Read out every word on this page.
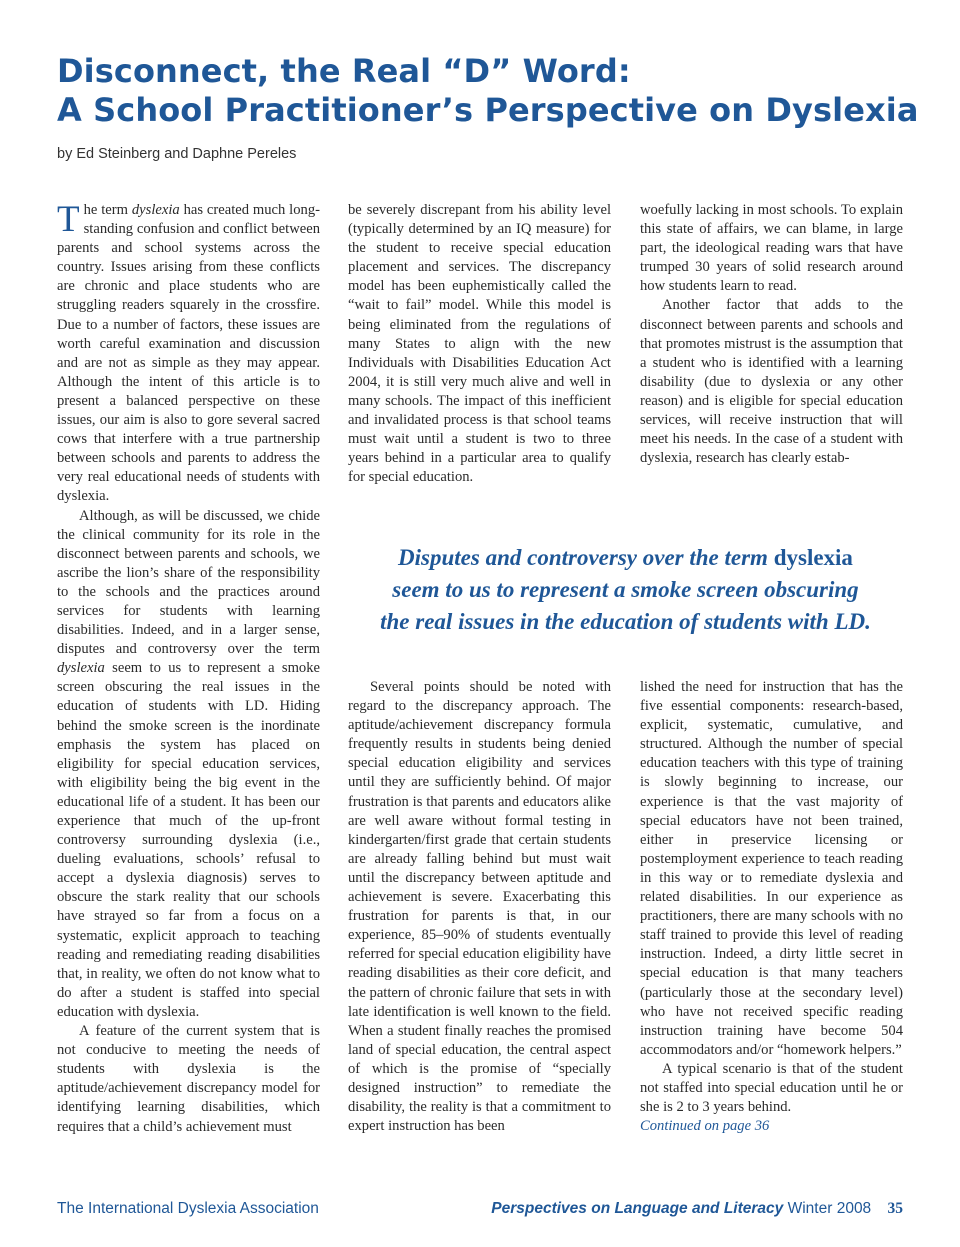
Disconnect, the Real “D” Word:
A School Practitioner’s Perspective on Dyslexia
by Ed Steinberg and Daphne Pereles

The term dyslexia has created much long-standing confusion and conflict between parents and school systems across the country. Issues arising from these conflicts are chronic and place students who are struggling readers squarely in the crossfire. Due to a number of factors, these issues are worth careful examination and discussion and are not as simple as they may appear. Although the intent of this article is to present a balanced perspective on these issues, our aim is also to gore several sacred cows that interfere with a true partnership between schools and parents to address the very real educational needs of students with dyslexia.

Although, as will be discussed, we chide the clinical community for its role in the disconnect between parents and schools, we ascribe the lion’s share of the responsibility to the schools and the practices around services for students with learning disabilities. Indeed, and in a larger sense, disputes and controversy over the term dyslexia seem to us to represent a smoke screen obscuring the real issues in the education of students with LD. Hiding behind the smoke screen is the inordinate emphasis the system has placed on eligibility for special education services, with eligibility being the big event in the educational life of a student. It has been our experience that much of the up-front controversy surrounding dyslexia (i.e., dueling evaluations, schools’ refusal to accept a dyslexia diagnosis) serves to obscure the stark reality that our schools have strayed so far from a focus on a systematic, explicit approach to teaching reading and remediating reading disabilities that, in reality, we often do not know what to do after a student is staffed into special education with dyslexia.

A feature of the current system that is not conducive to meeting the needs of students with dyslexia is the aptitude/achievement discrepancy model for identifying learning disabilities, which requires that a child’s achievement must

be severely discrepant from his ability level (typically determined by an IQ measure) for the student to receive special education placement and services. The discrepancy model has been euphemistically called the “wait to fail” model. While this model is being eliminated from the regulations of many States to align with the new Individuals with Disabilities Education Act 2004, it is still very much alive and well in many schools. The impact of this inefficient and invalidated process is that school teams must wait until a student is two to three years behind in a particular area to qualify for special education.

woefully lacking in most schools. To explain this state of affairs, we can blame, in large part, the ideological reading wars that have trumped 30 years of solid research around how students learn to read.

Another factor that adds to the disconnect between parents and schools and that promotes mistrust is the assumption that a student who is identified with a learning disability (due to dyslexia or any other reason) and is eligible for special education services, will receive instruction that will meet his needs. In the case of a student with dyslexia, research has clearly estab-

Disputes and controversy over the term dyslexia
seem to us to represent a smoke screen obscuring
the real issues in the education of students with LD.

Several points should be noted with regard to the discrepancy approach. The aptitude/achievement discrepancy formula frequently results in students being denied special education eligibility and services until they are sufficiently behind. Of major frustration is that parents and educators alike are well aware without formal testing in kindergarten/first grade that certain students are already falling behind but must wait until the discrepancy between aptitude and achievement is severe. Exacerbating this frustration for parents is that, in our experience, 85–90% of students eventually referred for special education eligibility have reading disabilities as their core deficit, and the pattern of chronic failure that sets in with late identification is well known to the field. When a student finally reaches the promised land of special education, the central aspect of which is the promise of “specially designed instruction” to remediate the disability, the reality is that a commitment to expert instruction has been

lished the need for instruction that has the five essential components: research-based, explicit, systematic, cumulative, and structured. Although the number of special education teachers with this type of training is slowly beginning to increase, our experience is that the vast majority of special educators have not been trained, either in preservice licensing or postemployment experience to teach reading in this way or to remediate dyslexia and related disabilities. In our experience as practitioners, there are many schools with no staff trained to provide this level of reading instruction. Indeed, a dirty little secret in special education is that many teachers (particularly those at the secondary level) who have not received specific reading instruction training have become 504 accommodators and/or “homework helpers.”

A typical scenario is that of the student not staffed into special education until he or she is 2 to 3 years behind.

Continued on page 36

The International Dyslexia Association	Perspectives on Language and Literacy Winter 2008 35
